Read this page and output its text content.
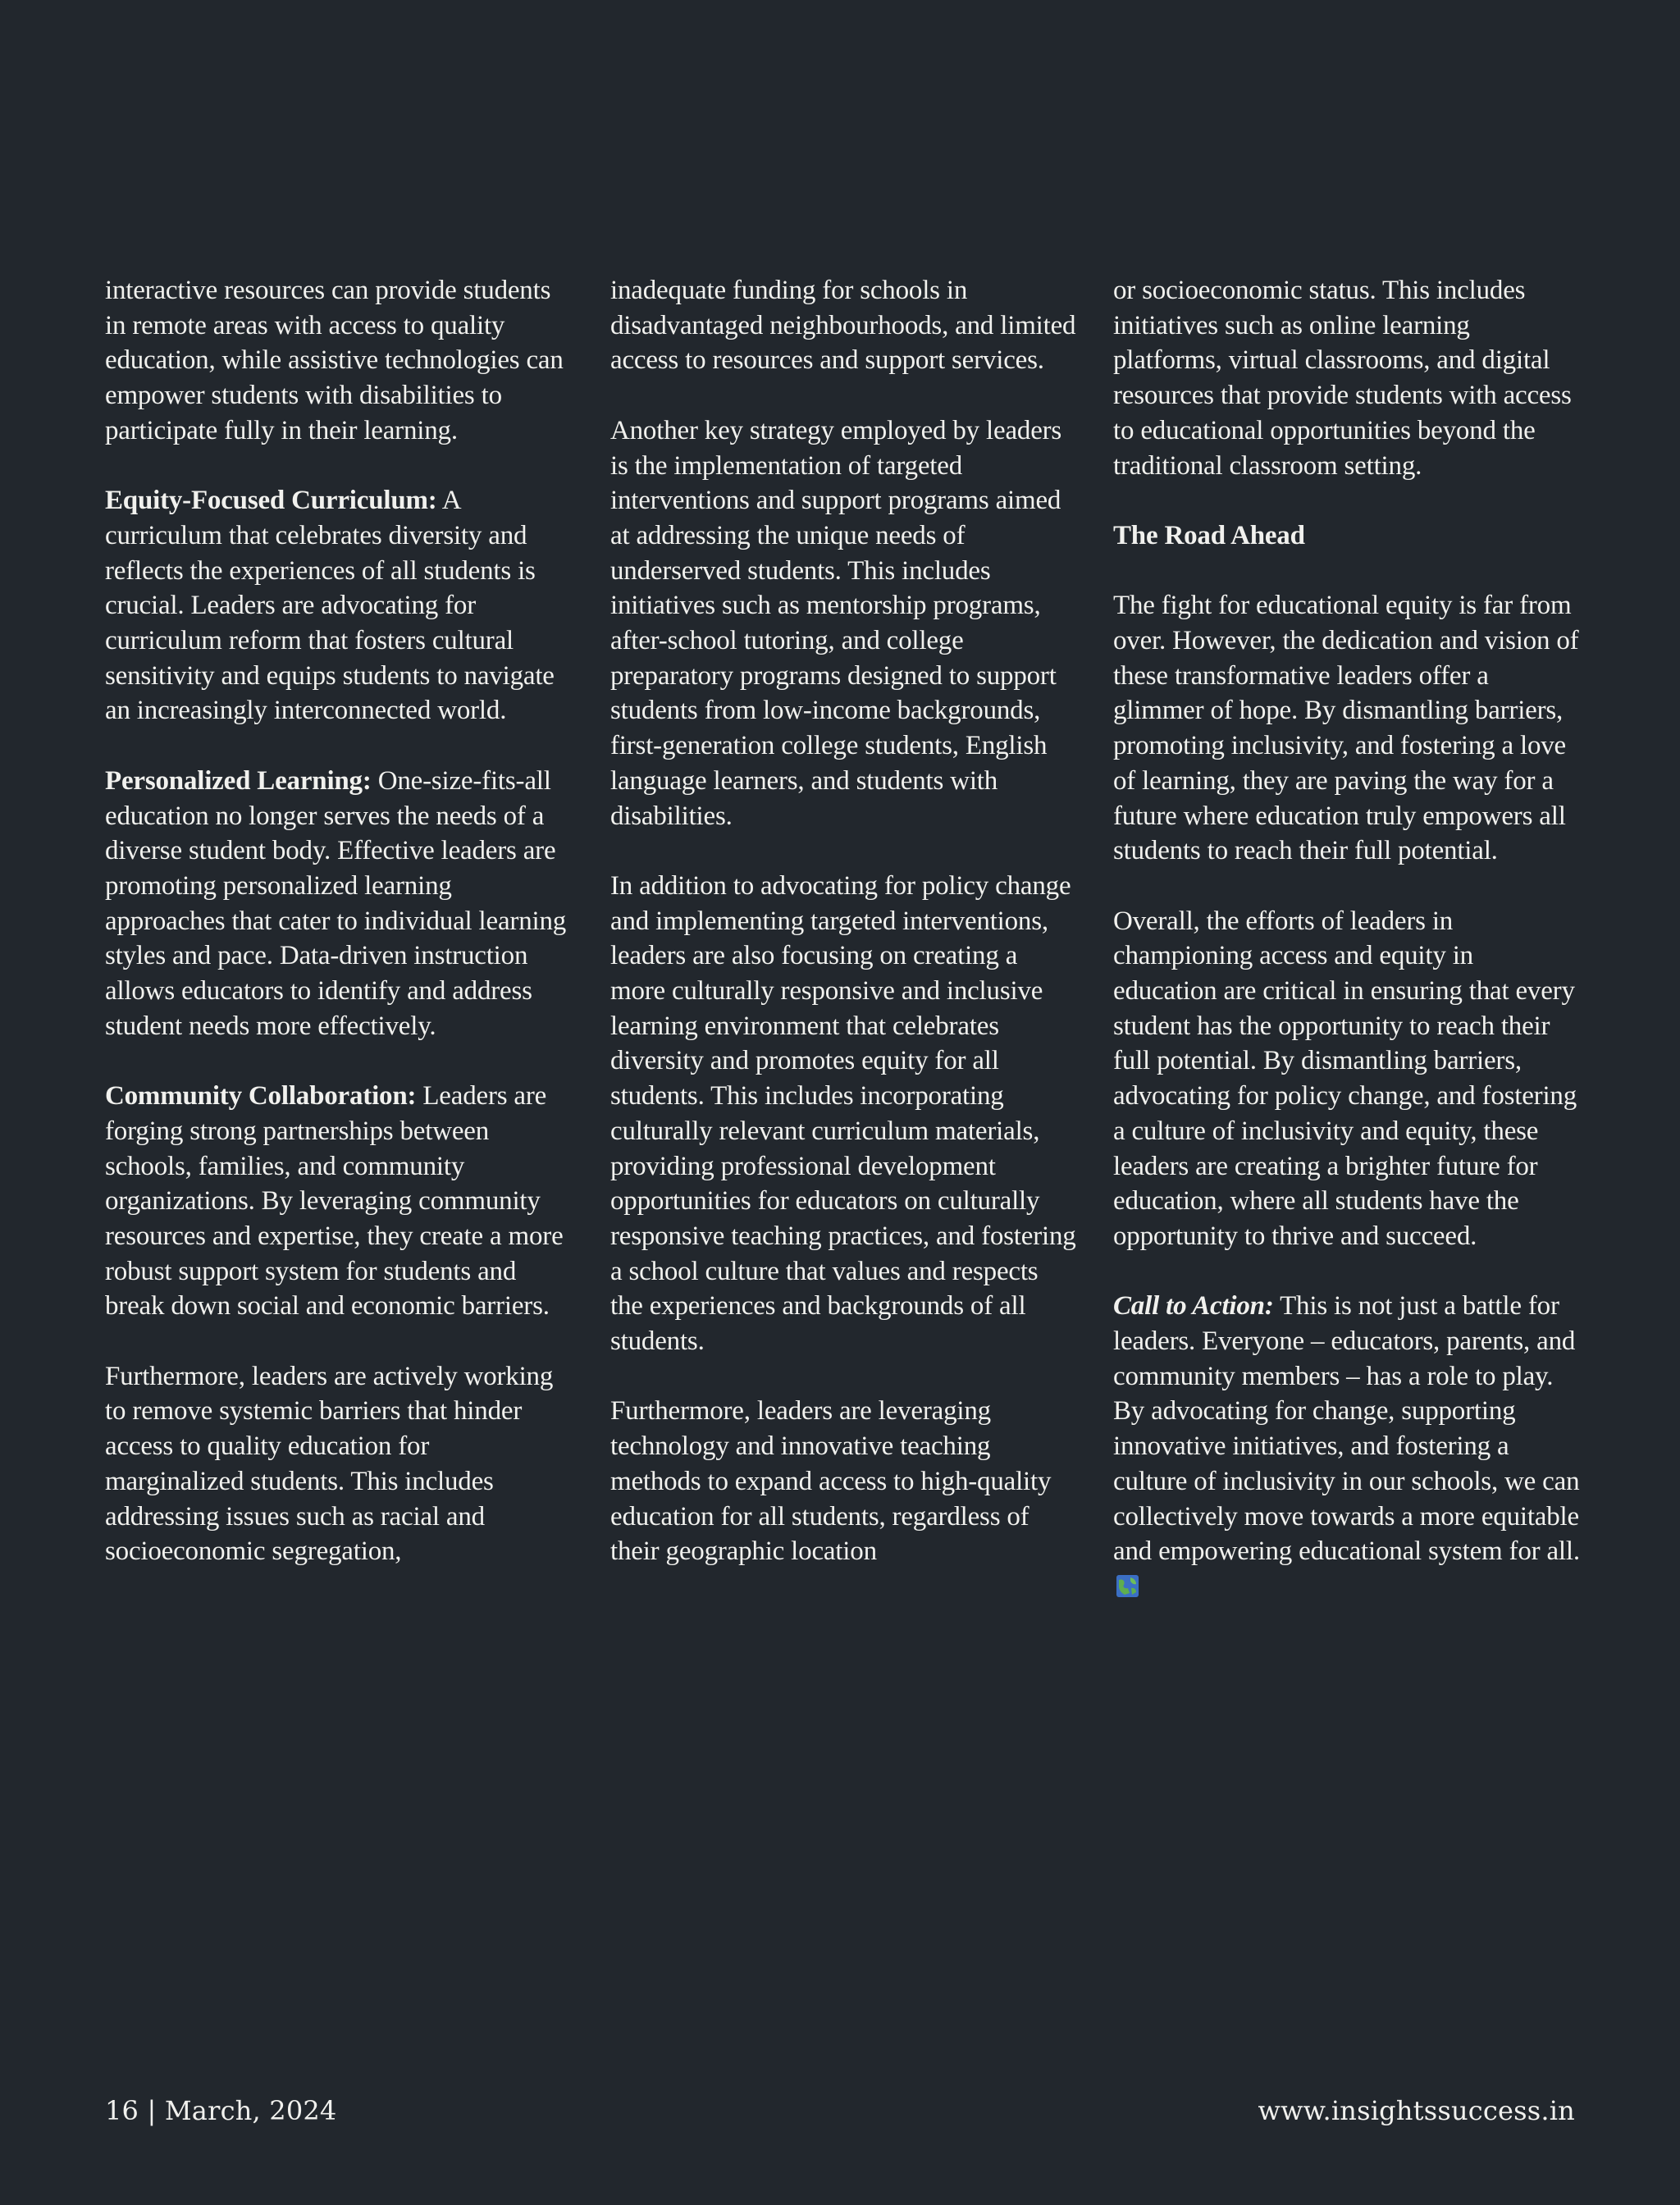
interactive resources can provide students in remote areas with access to quality education, while assistive technologies can empower students with disabilities to participate fully in their learning.

Equity-Focused Curriculum: A curriculum that celebrates diversity and reflects the experiences of all students is crucial. Leaders are advocating for curriculum reform that fosters cultural sensitivity and equips students to navigate an increasingly interconnected world.

Personalized Learning: One-size-fits-all education no longer serves the needs of a diverse student body. Effective leaders are promoting personalized learning approaches that cater to individual learning styles and pace. Data-driven instruction allows educators to identify and address student needs more effectively.

Community Collaboration: Leaders are forging strong partnerships between schools, families, and community organizations. By leveraging community resources and expertise, they create a more robust support system for students and break down social and economic barriers.

Furthermore, leaders are actively working to remove systemic barriers that hinder access to quality education for marginalized students. This includes addressing issues such as racial and socioeconomic segregation,

inadequate funding for schools in disadvantaged neighbourhoods, and limited access to resources and support services.

Another key strategy employed by leaders is the implementation of targeted interventions and support programs aimed at addressing the unique needs of underserved students. This includes initiatives such as mentorship programs, after-school tutoring, and college preparatory programs designed to support students from low-income backgrounds, first-generation college students, English language learners, and students with disabilities.

In addition to advocating for policy change and implementing targeted interventions, leaders are also focusing on creating a more culturally responsive and inclusive learning environment that celebrates diversity and promotes equity for all students. This includes incorporating culturally relevant curriculum materials, providing professional development opportunities for educators on culturally responsive teaching practices, and fostering a school culture that values and respects the experiences and backgrounds of all students.

Furthermore, leaders are leveraging technology and innovative teaching methods to expand access to high-quality education for all students, regardless of their geographic location

or socioeconomic status. This includes initiatives such as online learning platforms, virtual classrooms, and digital resources that provide students with access to educational opportunities beyond the traditional classroom setting.

The Road Ahead

The fight for educational equity is far from over. However, the dedication and vision of these transformative leaders offer a glimmer of hope. By dismantling barriers, promoting inclusivity, and fostering a love of learning, they are paving the way for a future where education truly empowers all students to reach their full potential.

Overall, the efforts of leaders in championing access and equity in education are critical in ensuring that every student has the opportunity to reach their full potential. By dismantling barriers, advocating for policy change, and fostering a culture of inclusivity and equity, these leaders are creating a brighter future for education, where all students have the opportunity to thrive and succeed.

Call to Action: This is not just a battle for leaders. Everyone – educators, parents, and community members – has a role to play. By advocating for change, supporting innovative initiatives, and fostering a culture of inclusivity in our schools, we can collectively move towards a more equitable and empowering educational system for all.

16 | March, 2024	www.insightssuccess.in
